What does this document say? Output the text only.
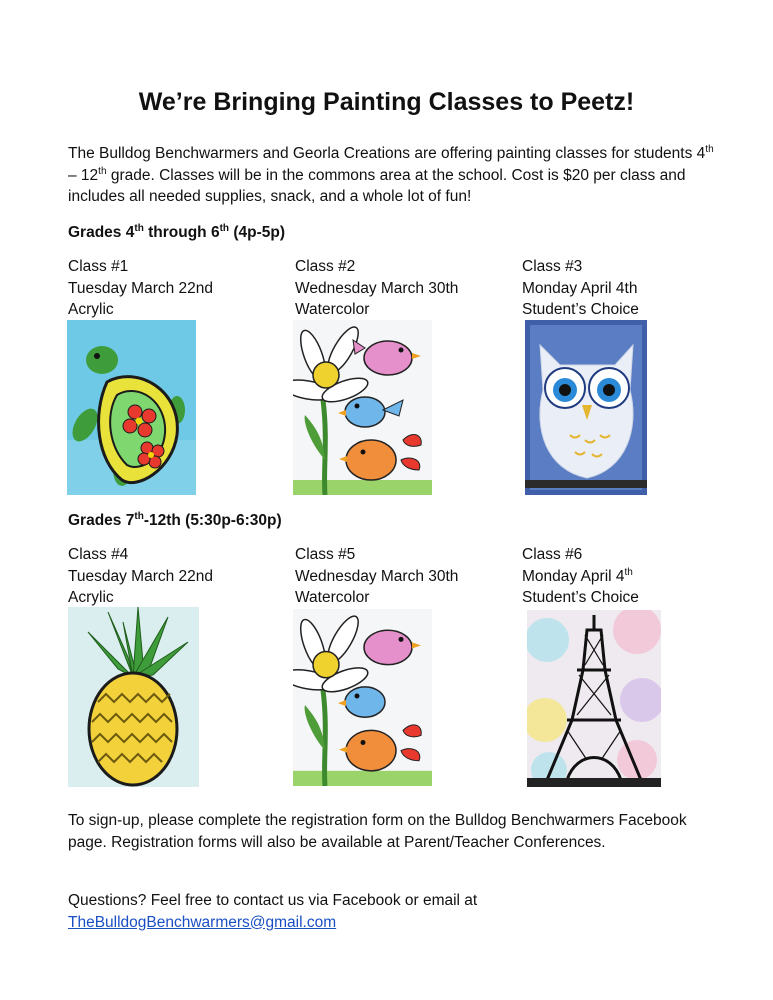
We’re Bringing Painting Classes to Peetz!
The Bulldog Benchwarmers and Georla Creations are offering painting classes for students 4th – 12th grade. Classes will be in the commons area at the school. Cost is $20 per class and includes all needed supplies, snack, and a whole lot of fun!
Grades 4th through 6th (4p-5p)
Class #1
Tuesday March 22nd
Acrylic
Class #2
Wednesday March 30th
Watercolor
Class #3
Monday April 4th
Student’s Choice
Grades 7th-12th (5:30p-6:30p)
Class #4
Tuesday March 22nd
Acrylic
Class #5
Wednesday March 30th
Watercolor
Class #6
Monday April 4th
Student’s Choice
To sign-up, please complete the registration form on the Bulldog Benchwarmers Facebook page. Registration forms will also be available at Parent/Teacher Conferences.
Questions? Feel free to contact us via Facebook or email at
TheBulldogBenchwarmers@gmail.com
